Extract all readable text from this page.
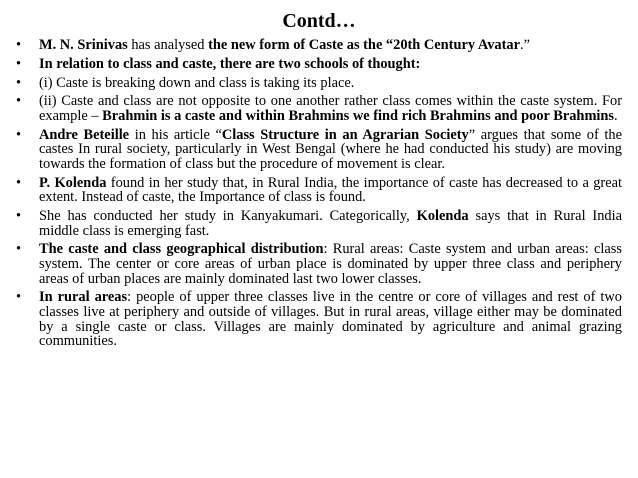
Contd…
• M. N. Srinivas has analysed the new form of Caste as the “20th Century Avatar.”
• In relation to class and caste, there are two schools of thought:
• (i) Caste is breaking down and class is taking its place.
• (ii) Caste and class are not opposite to one another rather class comes within the caste system. For example – Brahmin is a caste and within Brahmins we find rich Brahmins and poor Brahmins.
• Andre Beteille in his article “Class Structure in an Agrarian Society” argues that some of the castes In rural society, particularly in West Bengal (where he had conducted his study) are moving towards the formation of class but the procedure of movement is clear.
• P. Kolenda found in her study that, in Rural India, the importance of caste has decreased to a great extent. Instead of caste, the Importance of class is found.
• She has conducted her study in Kanyakumari. Categorically, Kolenda says that in Rural India middle class is emerging fast.
• The caste and class geographical distribution: Rural areas: Caste system and urban areas: class system. The center or core areas of urban place is dominated by upper three class and periphery areas of urban places are mainly dominated last two lower classes.
• In rural areas: people of upper three classes live in the centre or core of villages and rest of two classes live at periphery and outside of villages. But in rural areas, village either may be dominated by a single caste or class. Villages are mainly dominated by agriculture and animal grazing communities.
